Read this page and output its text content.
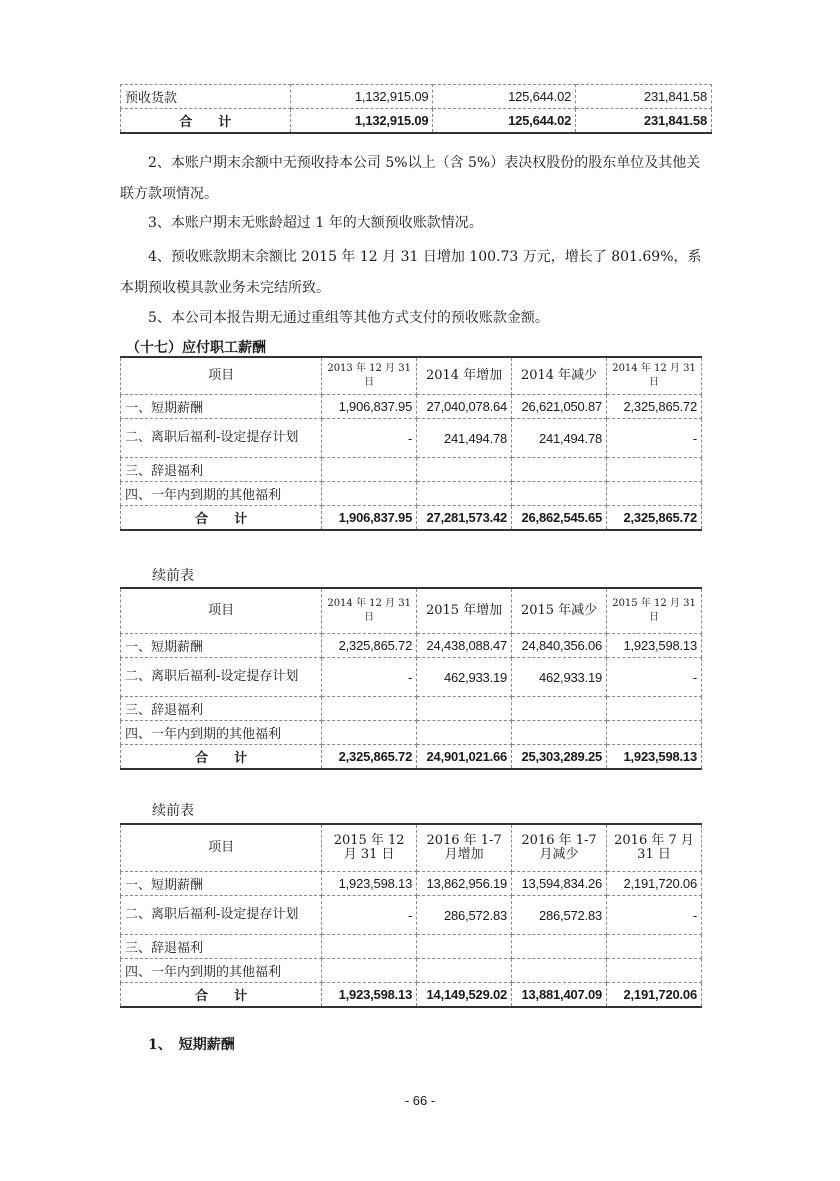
预收货款	1,132,915.09	125,644.02	231,841.58
合　　计	1,132,915.09	125,644.02	231,841.58
2、本账户期末余额中无预收持本公司 5%以上（含 5%）表决权股份的股东单位及其他关联方款项情况。
3、本账户期末无账龄超过 1 年的大额预收账款情况。
4、预收账款期末余额比 2015 年 12 月 31 日增加 100.73 万元，增长了 801.69%，系本期预收模具款业务未完结所致。
5、本公司本报告期无通过重组等其他方式支付的预收账款金额。
（十七）应付职工薪酬
项目	2013 年 12 月 31 日	2014 年增加	2014 年减少	2014 年 12 月 31 日
一、短期薪酬	1,906,837.95	27,040,078.64	26,621,050.87	2,325,865.72
二、离职后福利-设定提存计划	-	241,494.78	241,494.78	-
三、辞退福利				
四、一年内到期的其他福利				
合　　计	1,906,837.95	27,281,573.42	26,862,545.65	2,325,865.72
续前表
项目	2014 年 12 月 31 日	2015 年增加	2015 年减少	2015 年 12 月 31 日
一、短期薪酬	2,325,865.72	24,438,088.47	24,840,356.06	1,923,598.13
二、离职后福利-设定提存计划	-	462,933.19	462,933.19	-
三、辞退福利				
四、一年内到期的其他福利				
合　　计	2,325,865.72	24,901,021.66	25,303,289.25	1,923,598.13
续前表
项目	2015 年 12 月 31 日	2016 年 1-7 月增加	2016 年 1-7 月减少	2016 年 7 月 31 日
一、短期薪酬	1,923,598.13	13,862,956.19	13,594,834.26	2,191,720.06
二、离职后福利-设定提存计划	-	286,572.83	286,572.83	-
三、辞退福利				
四、一年内到期的其他福利				
合　　计	1,923,598.13	14,149,529.02	13,881,407.09	2,191,720.06
1、　短期薪酬
- 66 -
